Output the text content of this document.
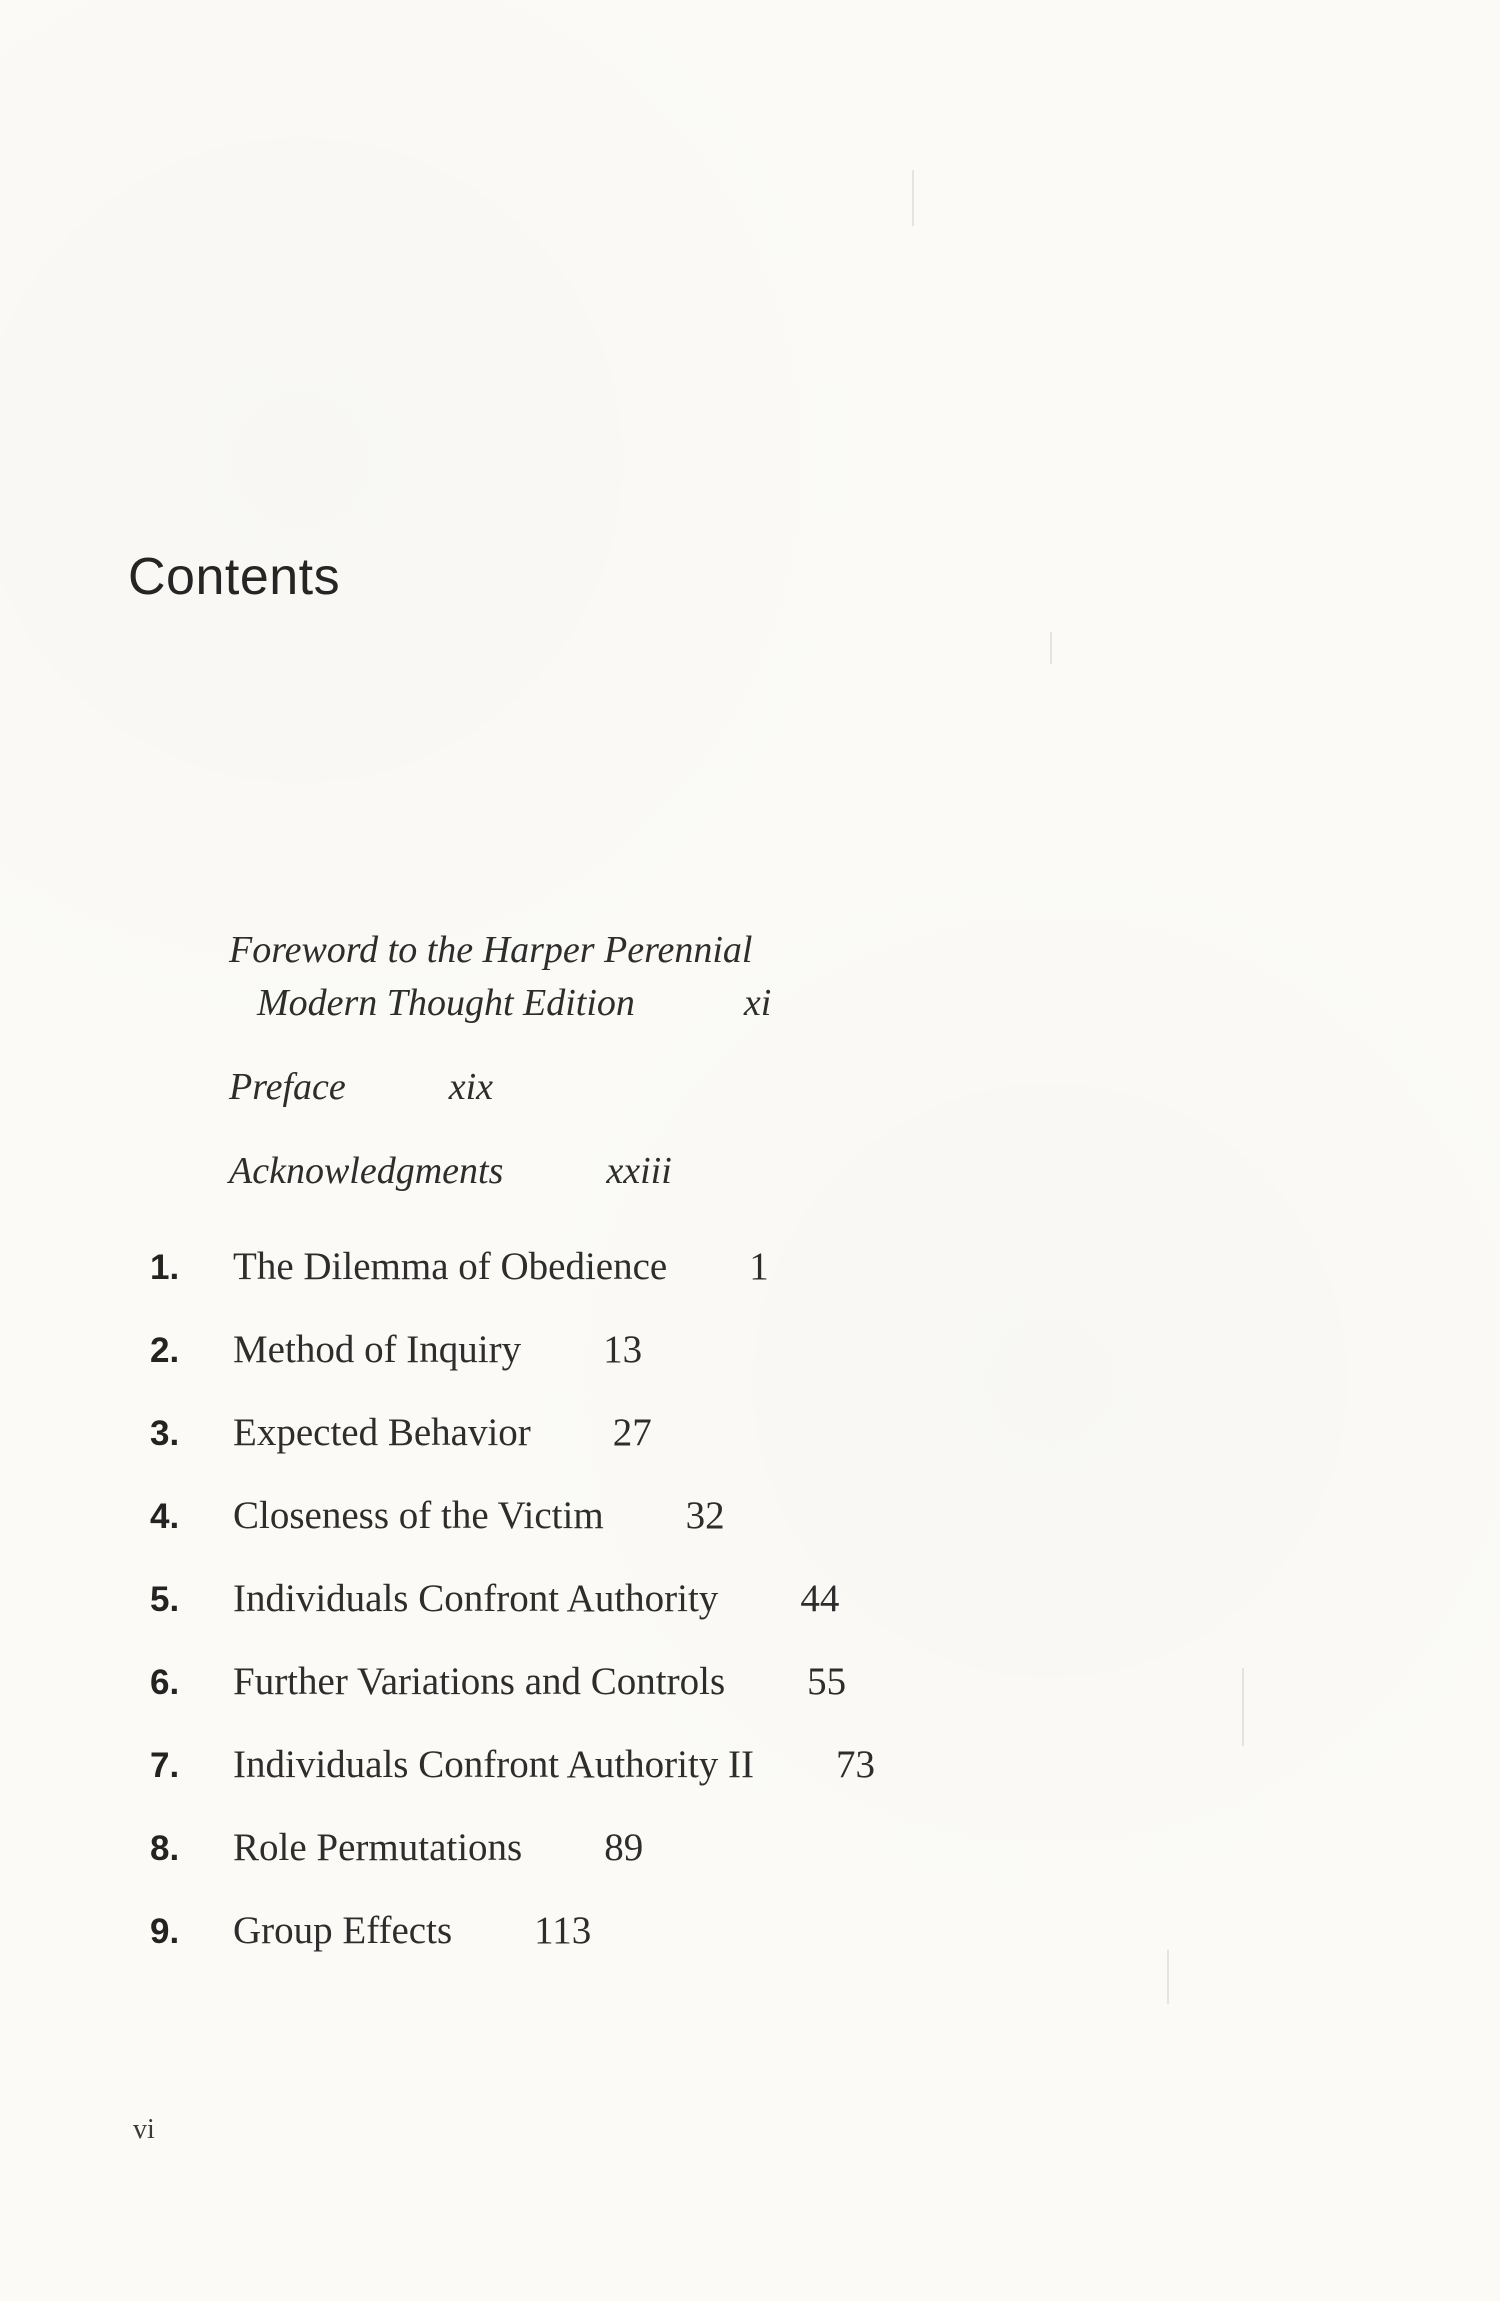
Contents
Foreword to the Harper Perennial
Modern Thought Edition	xi
Preface	xix
Acknowledgments	xxiii
1. The Dilemma of Obedience 1
2. Method of Inquiry 13
3. Expected Behavior 27
4. Closeness of the Victim 32
5. Individuals Confront Authority 44
6. Further Variations and Controls 55
7. Individuals Confront Authority II 73
8. Role Permutations 89
9. Group Effects 113
vi
